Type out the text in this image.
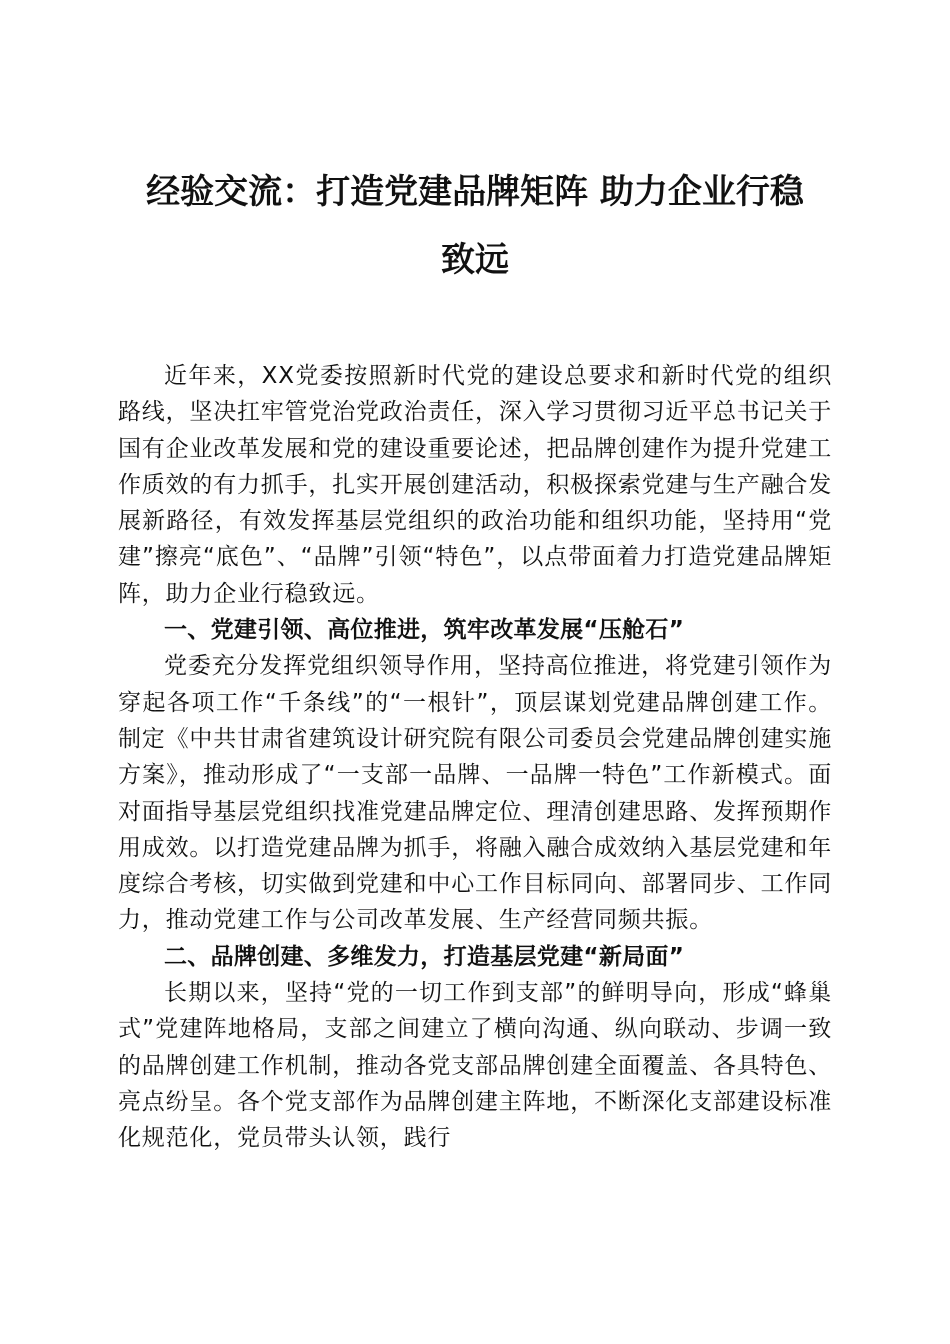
经验交流：打造党建品牌矩阵 助力企业行稳
致远

近年来，XX党委按照新时代党的建设总要求和新时代党的组织路线，坚决扛牢管党治党政治责任，深入学习贯彻习近平总书记关于国有企业改革发展和党的建设重要论述，把品牌创建作为提升党建工作质效的有力抓手，扎实开展创建活动，积极探索党建与生产融合发展新路径，有效发挥基层党组织的政治功能和组织功能，坚持用“党建”擦亮“底色”、“品牌”引领“特色”，以点带面着力打造党建品牌矩阵，助力企业行稳致远。

一、党建引领、高位推进，筑牢改革发展“压舱石”

党委充分发挥党组织领导作用，坚持高位推进，将党建引领作为穿起各项工作“千条线”的“一根针”，顶层谋划党建品牌创建工作。制定《中共甘肃省建筑设计研究院有限公司委员会党建品牌创建实施方案》，推动形成了“一支部一品牌、一品牌一特色”工作新模式。面对面指导基层党组织找准党建品牌定位、理清创建思路、发挥预期作用成效。以打造党建品牌为抓手，将融入融合成效纳入基层党建和年度综合考核，切实做到党建和中心工作目标同向、部署同步、工作同力，推动党建工作与公司改革发展、生产经营同频共振。

二、品牌创建、多维发力，打造基层党建“新局面”

长期以来，坚持“党的一切工作到支部”的鲜明导向，形成“蜂巢式”党建阵地格局，支部之间建立了横向沟通、纵向联动、步调一致的品牌创建工作机制，推动各党支部品牌创建全面覆盖、各具特色、亮点纷呈。各个党支部作为品牌创建主阵地，不断深化支部建设标准化规范化，党员带头认领，践行
